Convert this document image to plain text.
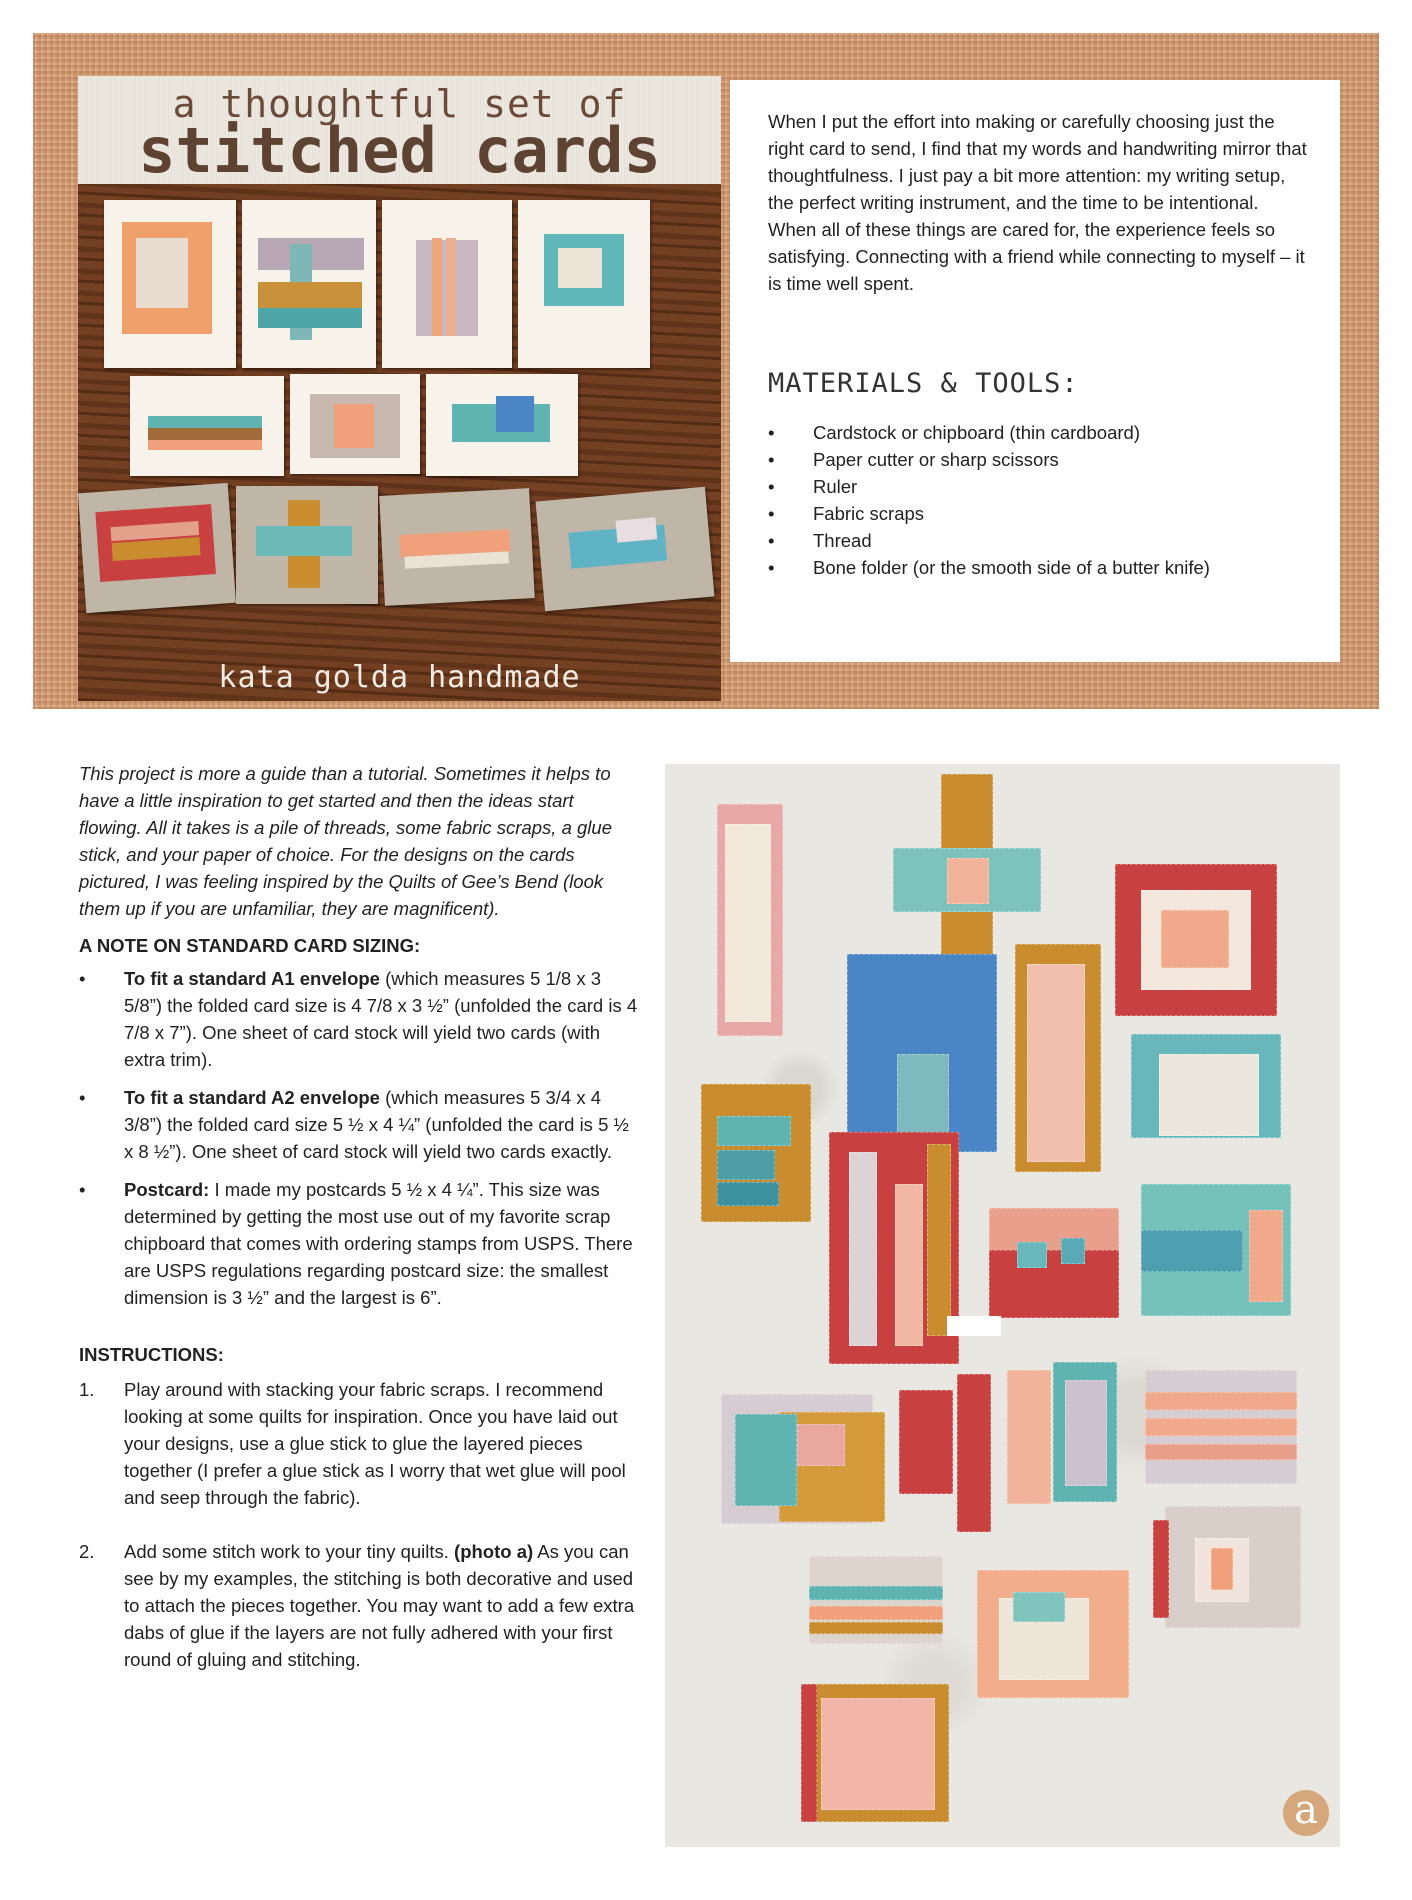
a thoughtful set of
stitched cards
kata golda handmade
When I put the effort into making or carefully choosing just the right card to send, I find that my words and handwriting mirror that thoughtfulness. I just pay a bit more attention: my writing setup, the perfect writing instrument, and the time to be intentional. When all of these things are cared for, the experience feels so satisfying. Connecting with a friend while connecting to myself – it is time well spent.
MATERIALS & TOOLS:
• Cardstock or chipboard (thin cardboard)
• Paper cutter or sharp scissors
• Ruler
• Fabric scraps
• Thread
• Bone folder (or the smooth side of a butter knife)

This project is more a guide than a tutorial. Sometimes it helps to have a little inspiration to get started and then the ideas start flowing. All it takes is a pile of threads, some fabric scraps, a glue stick, and your paper of choice. For the designs on the cards pictured, I was feeling inspired by the Quilts of Gee’s Bend (look them up if you are unfamiliar, they are magnificent).

A NOTE ON STANDARD CARD SIZING:

• To fit a standard A1 envelope (which measures 5 1/8 x 3 5/8”) the folded card size is 4 7/8 x 3 ½” (unfolded the card is 4 7/8 x 7”). One sheet of card stock will yield two cards (with extra trim).
• To fit a standard A2 envelope (which measures 5 3/4 x 4 3/8”) the folded card size 5 ½ x 4 ¼” (unfolded the card is 5 ½ x 8 ½”). One sheet of card stock will yield two cards exactly.
• Postcard: I made my postcards 5 ½ x 4 ¼”. This size was determined by getting the most use out of my favorite scrap chipboard that comes with ordering stamps from USPS. There are USPS regulations regarding postcard size: the smallest dimension is 3 ½” and the largest is 6”.

INSTRUCTIONS:

1. Play around with stacking your fabric scraps. I recommend looking at some quilts for inspiration. Once you have laid out your designs, use a glue stick to glue the layered pieces together (I prefer a glue stick as I worry that wet glue will pool and seep through the fabric).
2. Add some stitch work to your tiny quilts. (photo a) As you can see by my examples, the stitching is both decorative and used to attach the pieces together. You may want to add a few extra dabs of glue if the layers are not fully adhered with your first round of gluing and stitching.
a
